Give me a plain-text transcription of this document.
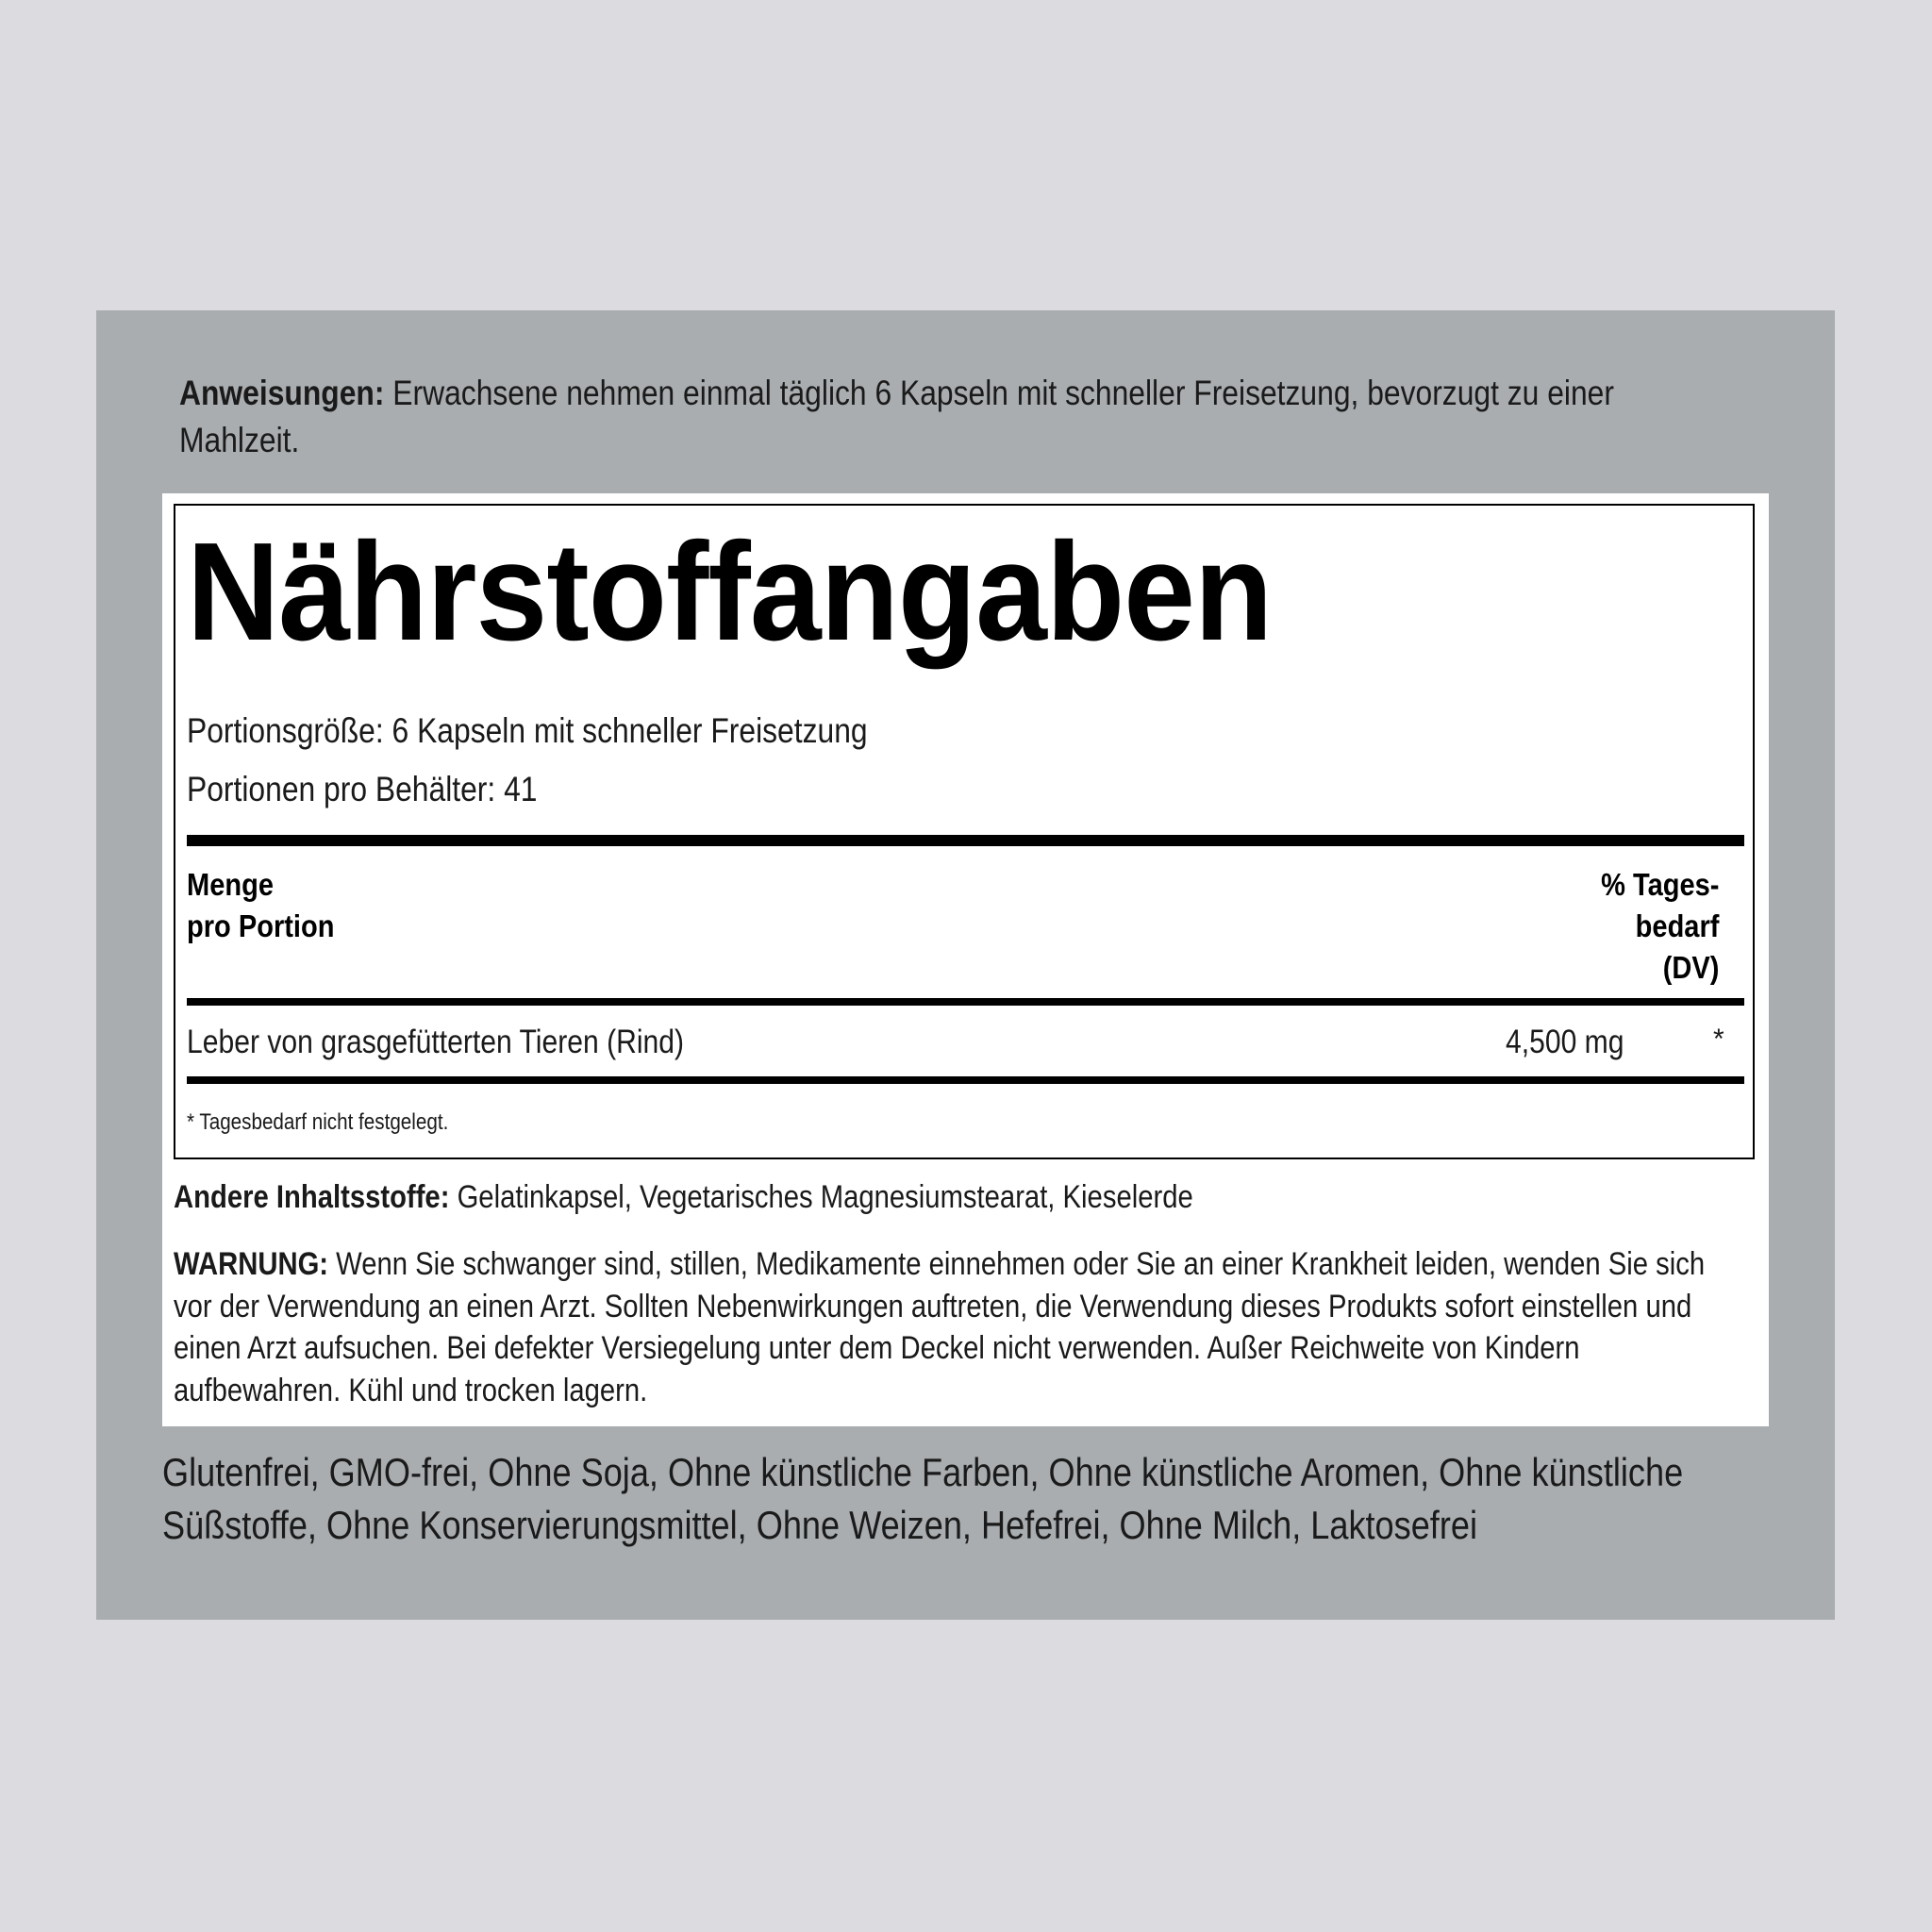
Anweisungen: Erwachsene nehmen einmal täglich 6 Kapseln mit schneller Freisetzung, bevorzugt zu einer Mahlzeit.
Nährstoffangaben
Portionsgröße: 6 Kapseln mit schneller Freisetzung
Portionen pro Behälter: 41
Menge
pro Portion
% Tages-
bedarf
(DV)
Leber von grasgefütterten Tieren (Rind)	4,500 mg	*
* Tagesbedarf nicht festgelegt.
Andere Inhaltsstoffe: Gelatinkapsel, Vegetarisches Magnesiumstearat, Kieselerde
WARNUNG: Wenn Sie schwanger sind, stillen, Medikamente einnehmen oder Sie an einer Krankheit leiden, wenden Sie sich vor der Verwendung an einen Arzt. Sollten Nebenwirkungen auftreten, die Verwendung dieses Produkts sofort einstellen und einen Arzt aufsuchen. Bei defekter Versiegelung unter dem Deckel nicht verwenden. Außer Reichweite von Kindern aufbewahren. Kühl und trocken lagern.
Glutenfrei, GMO-frei, Ohne Soja, Ohne künstliche Farben, Ohne künstliche Aromen, Ohne künstliche Süßstoffe, Ohne Konservierungsmittel, Ohne Weizen, Hefefrei, Ohne Milch, Laktosefrei
